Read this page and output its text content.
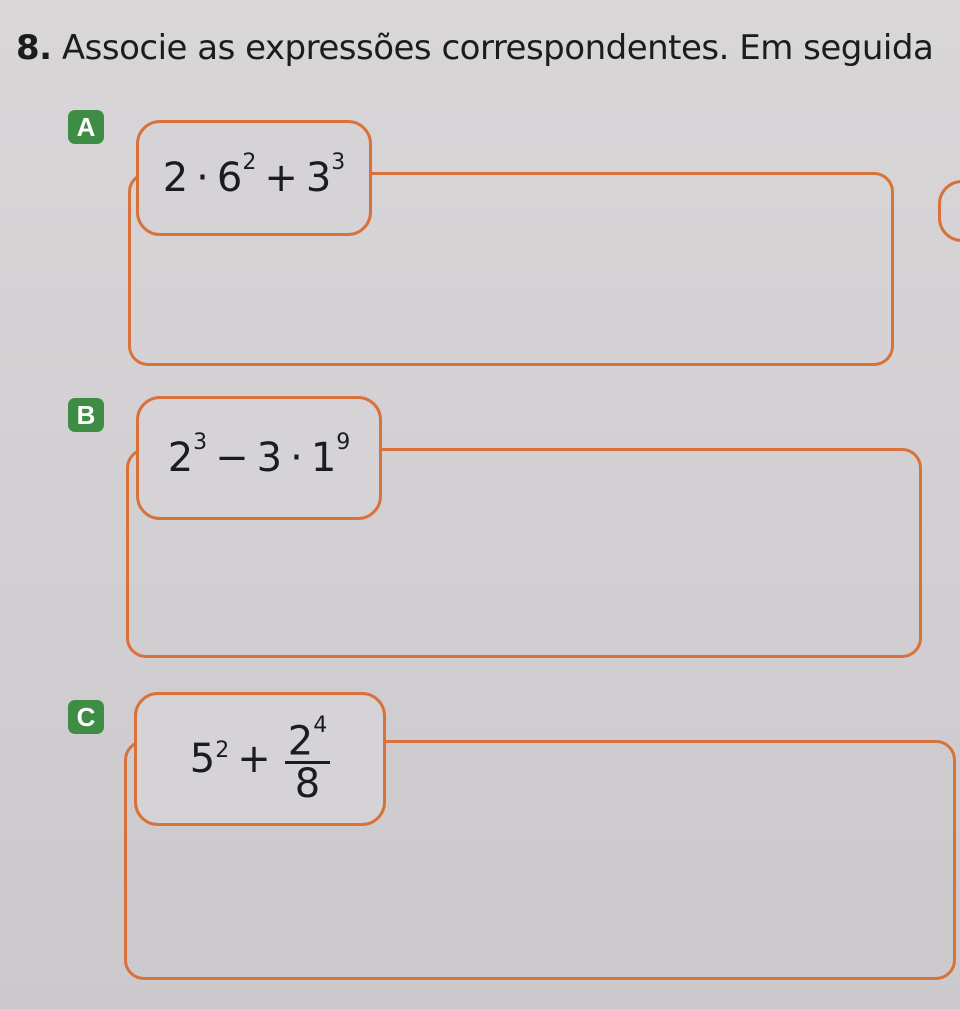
8. Associe as expressões correspondentes. Em seguida
A
$2 \cdot 6^2 + 3^3$
B
$2^3 - 3 \cdot 1^9$
C
$5^2 + \frac{2^4}{8}$
